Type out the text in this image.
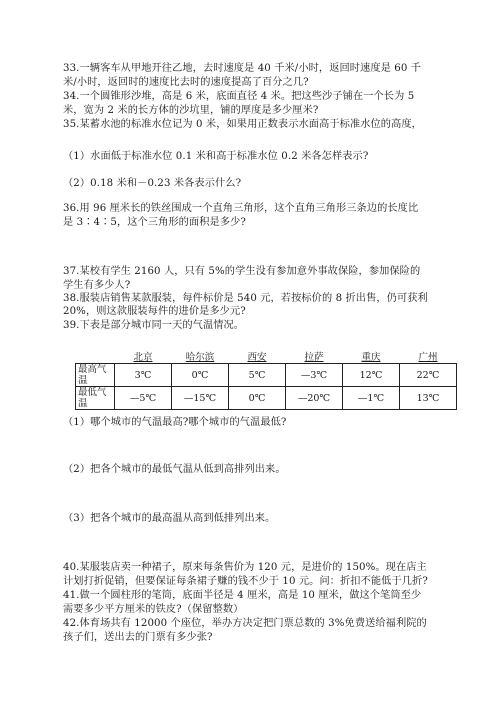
33.一辆客车从甲地开往乙地，去时速度是 40 千米/小时，返回时速度是 60 千
米/小时，返回时的速度比去时的速度提高了百分之几?
34.一个圆锥形沙堆，高是 6 米，底面直径 4 米。把这些沙子铺在一个长为 5
米，宽为 2 米的长方体的沙坑里，铺的厚度是多少厘米?
35.某蓄水池的标准水位记为 0 米，如果用正数表示水面高于标准水位的高度，
（1）水面低于标准水位 0.1 米和高于标准水位 0.2 米各怎样表示?
（2）0.18 米和－0.23 米各表示什么?
36.用 96 厘米长的铁丝围成一个直角三角形，这个直角三角形三条边的长度比
是 3∶4∶5，这个三角形的面积是多少?
37.某校有学生 2160 人，只有 5%的学生没有参加意外事故保险，参加保险的
学生有多少人?
38.服装店销售某款服装，每件标价是 540 元，若按标价的 8 折出售，仍可获利
20%，则这款服装每件的进价是多少元?
39.下表是部分城市同一天的气温情况。
	北京	哈尔滨	西安	拉萨	重庆	广州
最高气温	3℃	0℃	5℃	—3℃	12℃	22℃
最低气温	—5℃	—15℃	0℃	—20℃	—1℃	13℃
（1）哪个城市的气温最高?哪个城市的气温最低?
（2）把各个城市的最低气温从低到高排列出来。
（3）把各个城市的最高温从高到低排列出来。
40.某服装店卖一种裙子，原来每条售价为 120 元，是进价的 150%。现在店主
计划打折促销，但要保证每条裙子赚的钱不少于 10 元。问：折扣不能低于几折?
41.做一个圆柱形的笔筒，底面半径是 4 厘米，高是 10 厘米，做这个笔筒至少
需要多少平方厘米的铁皮?（保留整数）
42.体育场共有 12000 个座位，举办方决定把门票总数的 3%免费送给福利院的
孩子们，送出去的门票有多少张?
